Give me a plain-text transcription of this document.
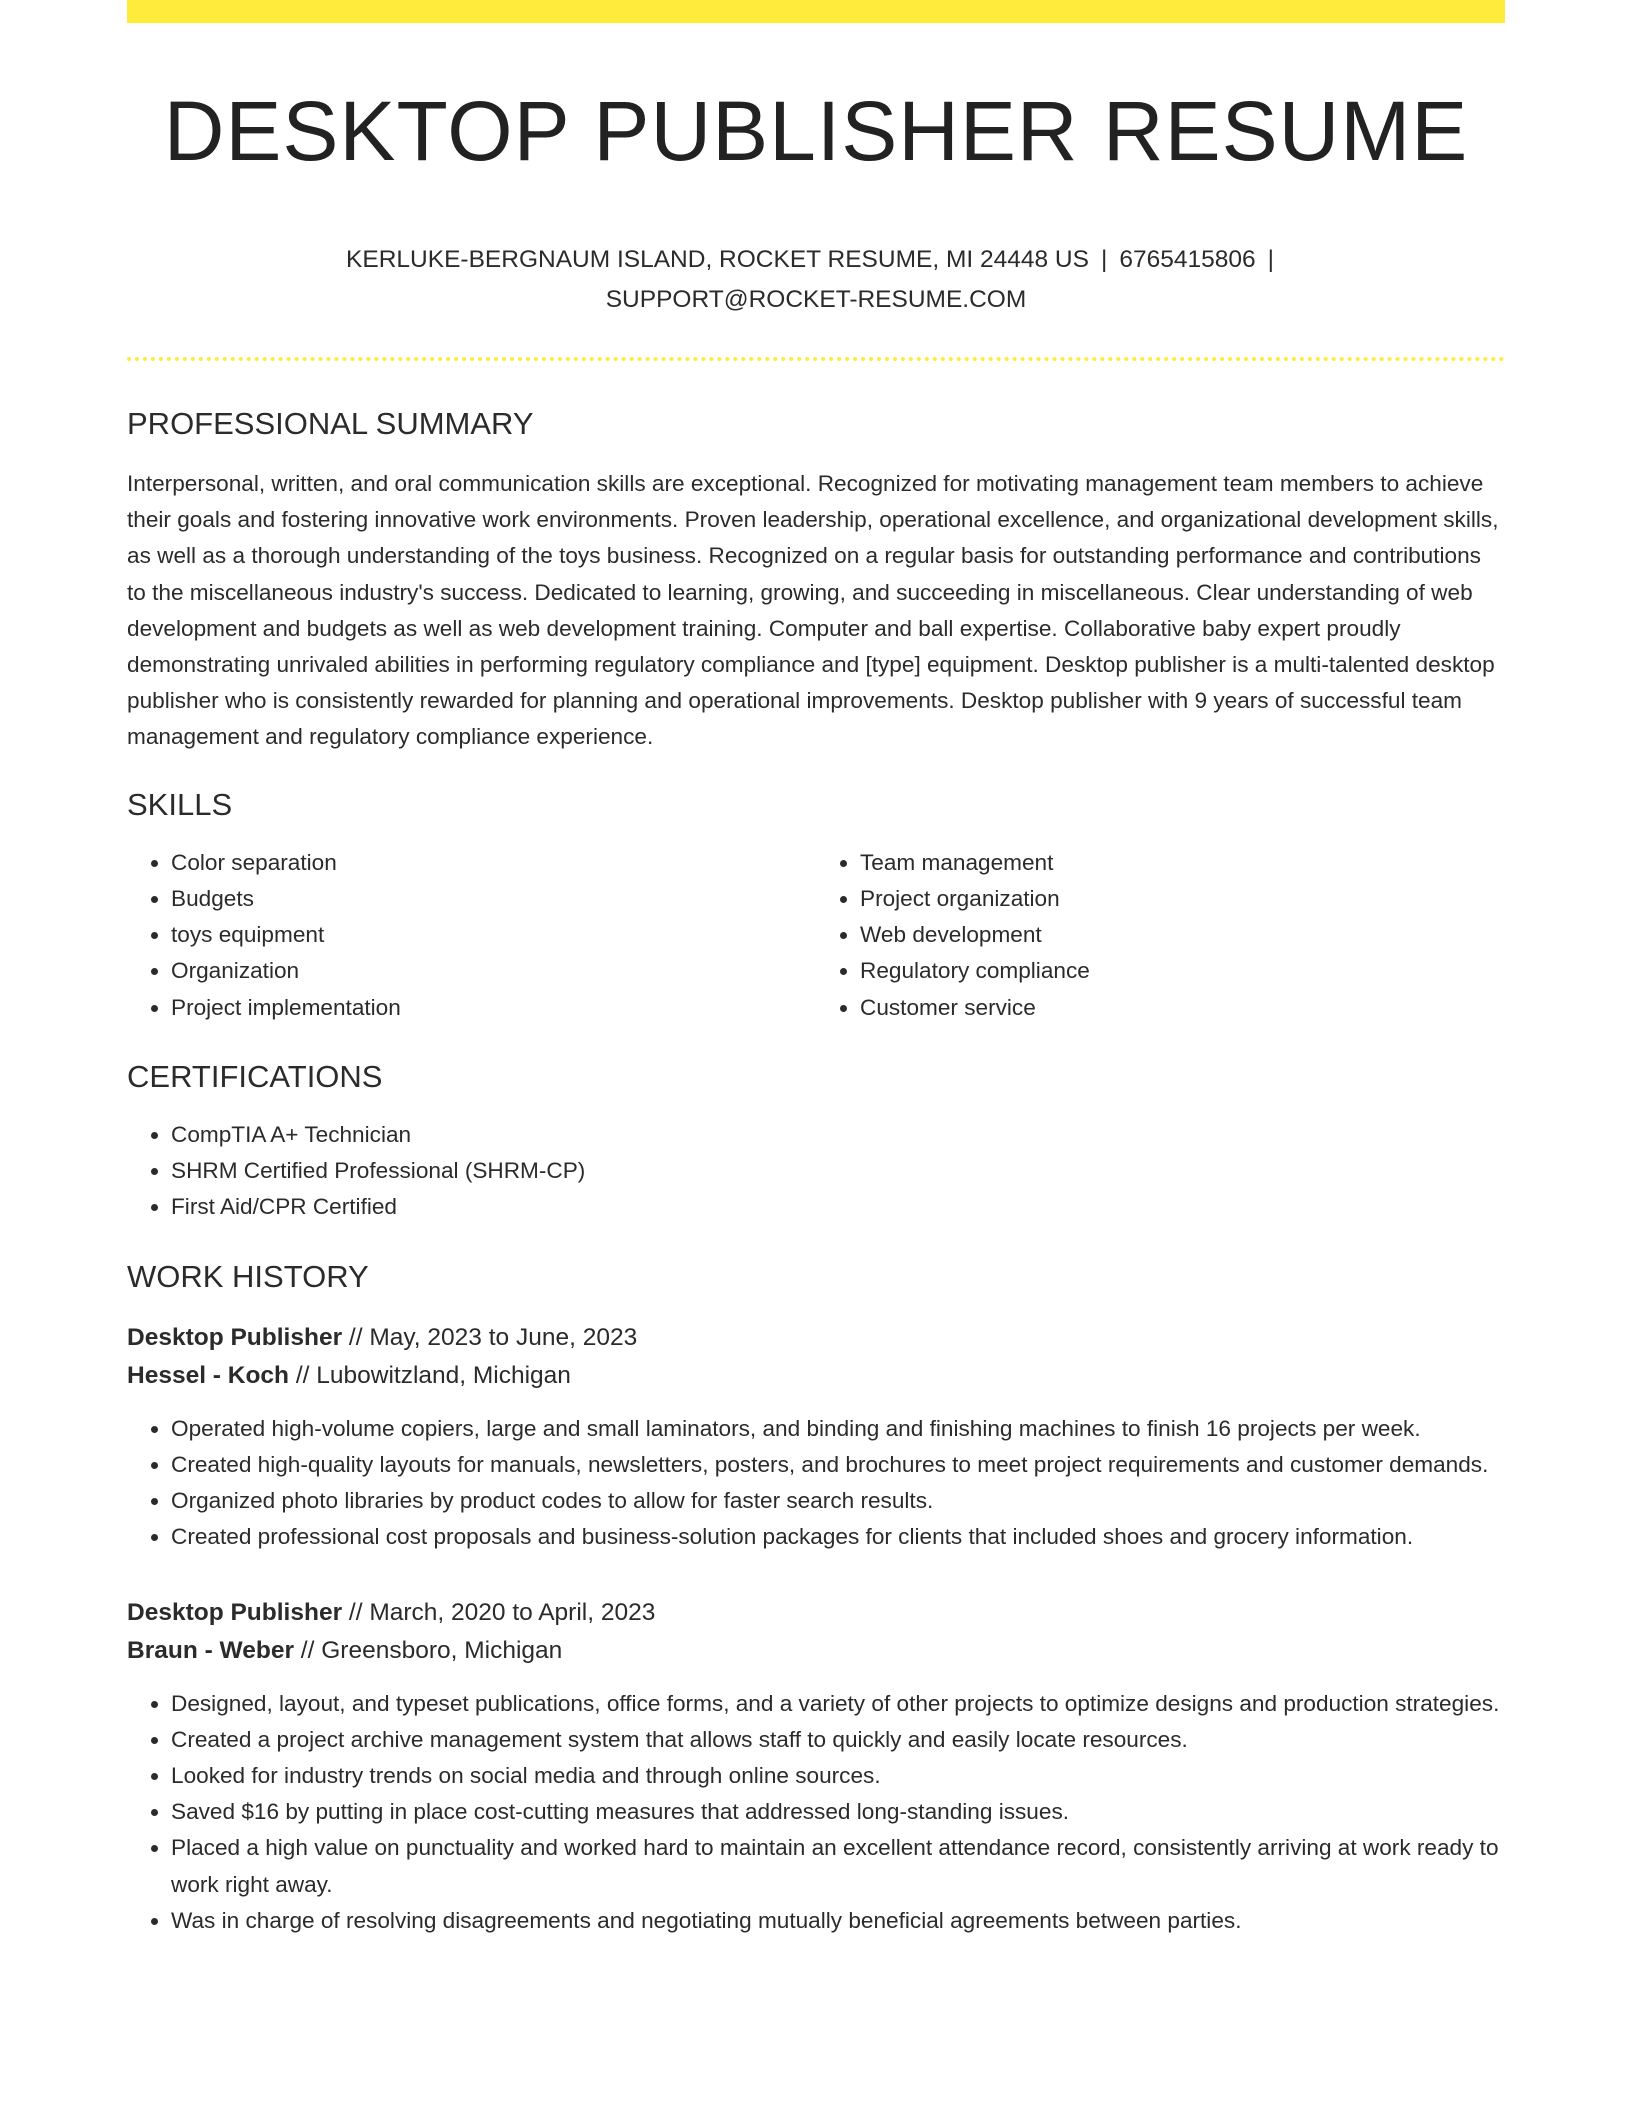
DESKTOP PUBLISHER RESUME
KERLUKE-BERGNAUM ISLAND, ROCKET RESUME, MI 24448 US | 6765415806 |
SUPPORT@ROCKET-RESUME.COM
PROFESSIONAL SUMMARY

Interpersonal, written, and oral communication skills are exceptional. Recognized for motivating management team members to achieve their goals and fostering innovative work environments. Proven leadership, operational excellence, and organizational development skills, as well as a thorough understanding of the toys business. Recognized on a regular basis for outstanding performance and contributions to the miscellaneous industry's success. Dedicated to learning, growing, and succeeding in miscellaneous. Clear understanding of web development and budgets as well as web development training. Computer and ball expertise. Collaborative baby expert proudly demonstrating unrivaled abilities in performing regulatory compliance and [type] equipment. Desktop publisher is a multi-talented desktop publisher who is consistently rewarded for planning and operational improvements. Desktop publisher with 9 years of successful team management and regulatory compliance experience.

SKILLS
• Color separation
• Budgets
• toys equipment
• Organization
• Project implementation
• Team management
• Project organization
• Web development
• Regulatory compliance
• Customer service
CERTIFICATIONS
• CompTIA A+ Technician
• SHRM Certified Professional (SHRM-CP)
• First Aid/CPR Certified
WORK HISTORY
Desktop Publisher // May, 2023 to June, 2023
Hessel - Koch // Lubowitzland, Michigan
• Operated high-volume copiers, large and small laminators, and binding and finishing machines to finish 16 projects per week.
• Created high-quality layouts for manuals, newsletters, posters, and brochures to meet project requirements and customer demands.
• Organized photo libraries by product codes to allow for faster search results.
• Created professional cost proposals and business-solution packages for clients that included shoes and grocery information.
Desktop Publisher // March, 2020 to April, 2023
Braun - Weber // Greensboro, Michigan
• Designed, layout, and typeset publications, office forms, and a variety of other projects to optimize designs and production strategies.
• Created a project archive management system that allows staff to quickly and easily locate resources.
• Looked for industry trends on social media and through online sources.
• Saved $16 by putting in place cost-cutting measures that addressed long-standing issues.
• Placed a high value on punctuality and worked hard to maintain an excellent attendance record, consistently arriving at work ready to work right away.
• Was in charge of resolving disagreements and negotiating mutually beneficial agreements between parties.
